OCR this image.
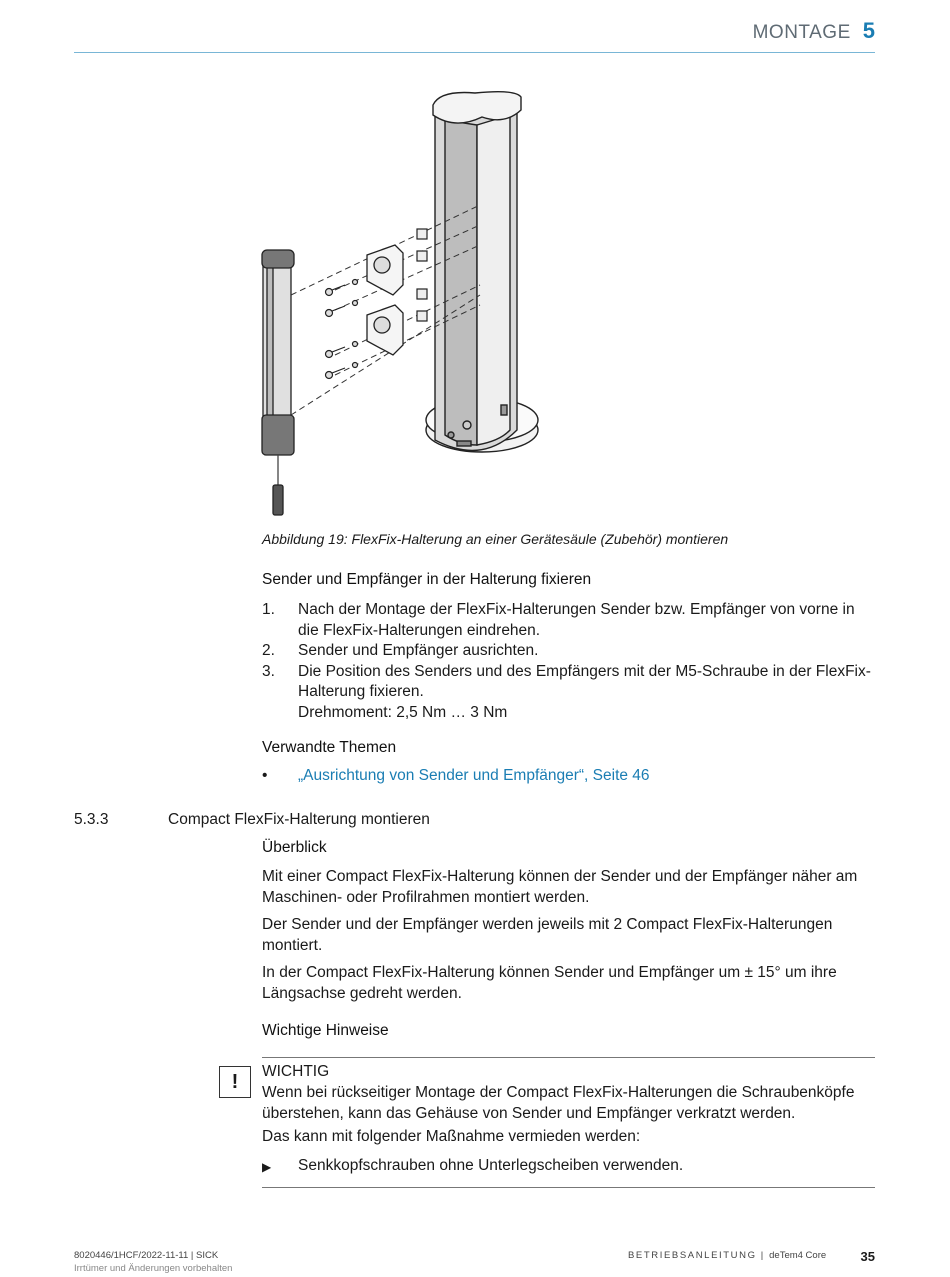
MONTAGE 5
Abbildung 19: FlexFix-Halterung an einer Gerätesäule (Zubehör) montieren
Sender und Empfänger in der Halterung fixieren
1.	Nach der Montage der FlexFix-Halterungen Sender bzw. Empfänger von vorne in die FlexFix-Halterungen eindrehen.
2.	Sender und Empfänger ausrichten.
3.	Die Position des Senders und des Empfängers mit der M5-Schraube in der FlexFix-Halterung fixieren.
Drehmoment: 2,5 Nm … 3 Nm
Verwandte Themen
•	„Ausrichtung von Sender und Empfänger“, Seite 46
5.3.3	Compact FlexFix-Halterung montieren
Überblick
Mit einer Compact FlexFix-Halterung können der Sender und der Empfänger näher am Maschinen- oder Profilrahmen montiert werden.
Der Sender und der Empfänger werden jeweils mit 2 Compact FlexFix-Halterungen montiert.
In der Compact FlexFix-Halterung können Sender und Empfänger um ± 15° um ihre Längsachse gedreht werden.
Wichtige Hinweise
!	WICHTIG
Wenn bei rückseitiger Montage der Compact FlexFix-Halterungen die Schraubenköpfe überstehen, kann das Gehäuse von Sender und Empfänger verkratzt werden.
Das kann mit folgender Maßnahme vermieden werden:
▶	Senkkopfschrauben ohne Unterlegscheiben verwenden.
8020446/1HCF/2022-11-11 | SICK
Irrtümer und Änderungen vorbehalten
BETRIEBSANLEITUNG | deTem4 Core	35
